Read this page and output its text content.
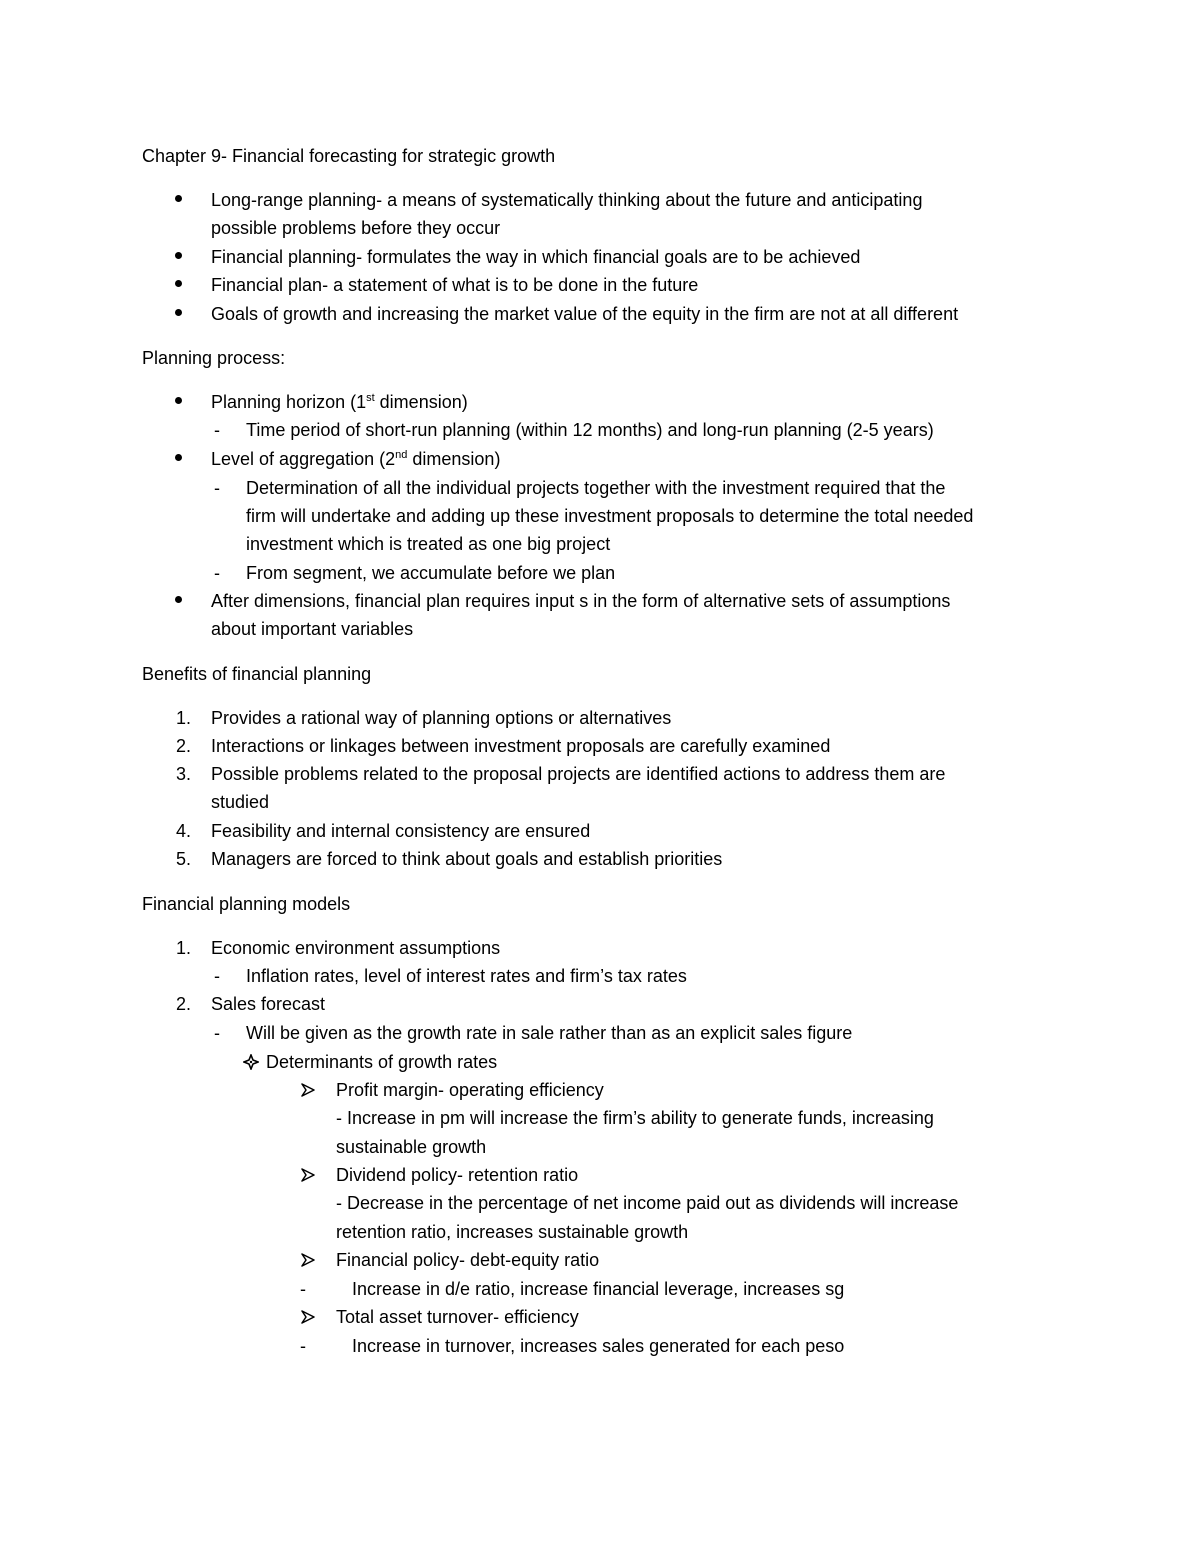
Chapter 9- Financial forecasting for strategic growth
Long-range planning- a means of systematically thinking about the future and anticipating
possible problems before they occur
Financial planning- formulates the way in which financial goals are to be achieved
Financial plan- a statement of what is to be done in the future
Goals of growth and increasing the market value of the equity in the firm are not at all different
Planning process:
Planning horizon (1st dimension)
- Time period of short-run planning (within 12 months) and long-run planning (2-5 years)
Level of aggregation (2nd dimension)
- Determination of all the individual projects together with the investment required that the
firm will undertake and adding up these investment proposals to determine the total needed
investment which is treated as one big project
- From segment, we accumulate before we plan
After dimensions, financial plan requires input s in the form of alternative sets of assumptions
about important variables
Benefits of financial planning
1. Provides a rational way of planning options or alternatives
2. Interactions or linkages between investment proposals are carefully examined
3. Possible problems related to the proposal projects are identified actions to address them are
studied
4. Feasibility and internal consistency are ensured
5. Managers are forced to think about goals and establish priorities
Financial planning models
1. Economic environment assumptions
- Inflation rates, level of interest rates and firm’s tax rates
2. Sales forecast
- Will be given as the growth rate in sale rather than as an explicit sales figure
Determinants of growth rates
Profit margin- operating efficiency
- Increase in pm will increase the firm’s ability to generate funds, increasing
sustainable growth
Dividend policy- retention ratio
- Decrease in the percentage of net income paid out as dividends will increase
retention ratio, increases sustainable growth
Financial policy- debt-equity ratio
-	Increase in d/e ratio, increase financial leverage, increases sg
Total asset turnover- efficiency
-	Increase in turnover, increases sales generated for each peso
